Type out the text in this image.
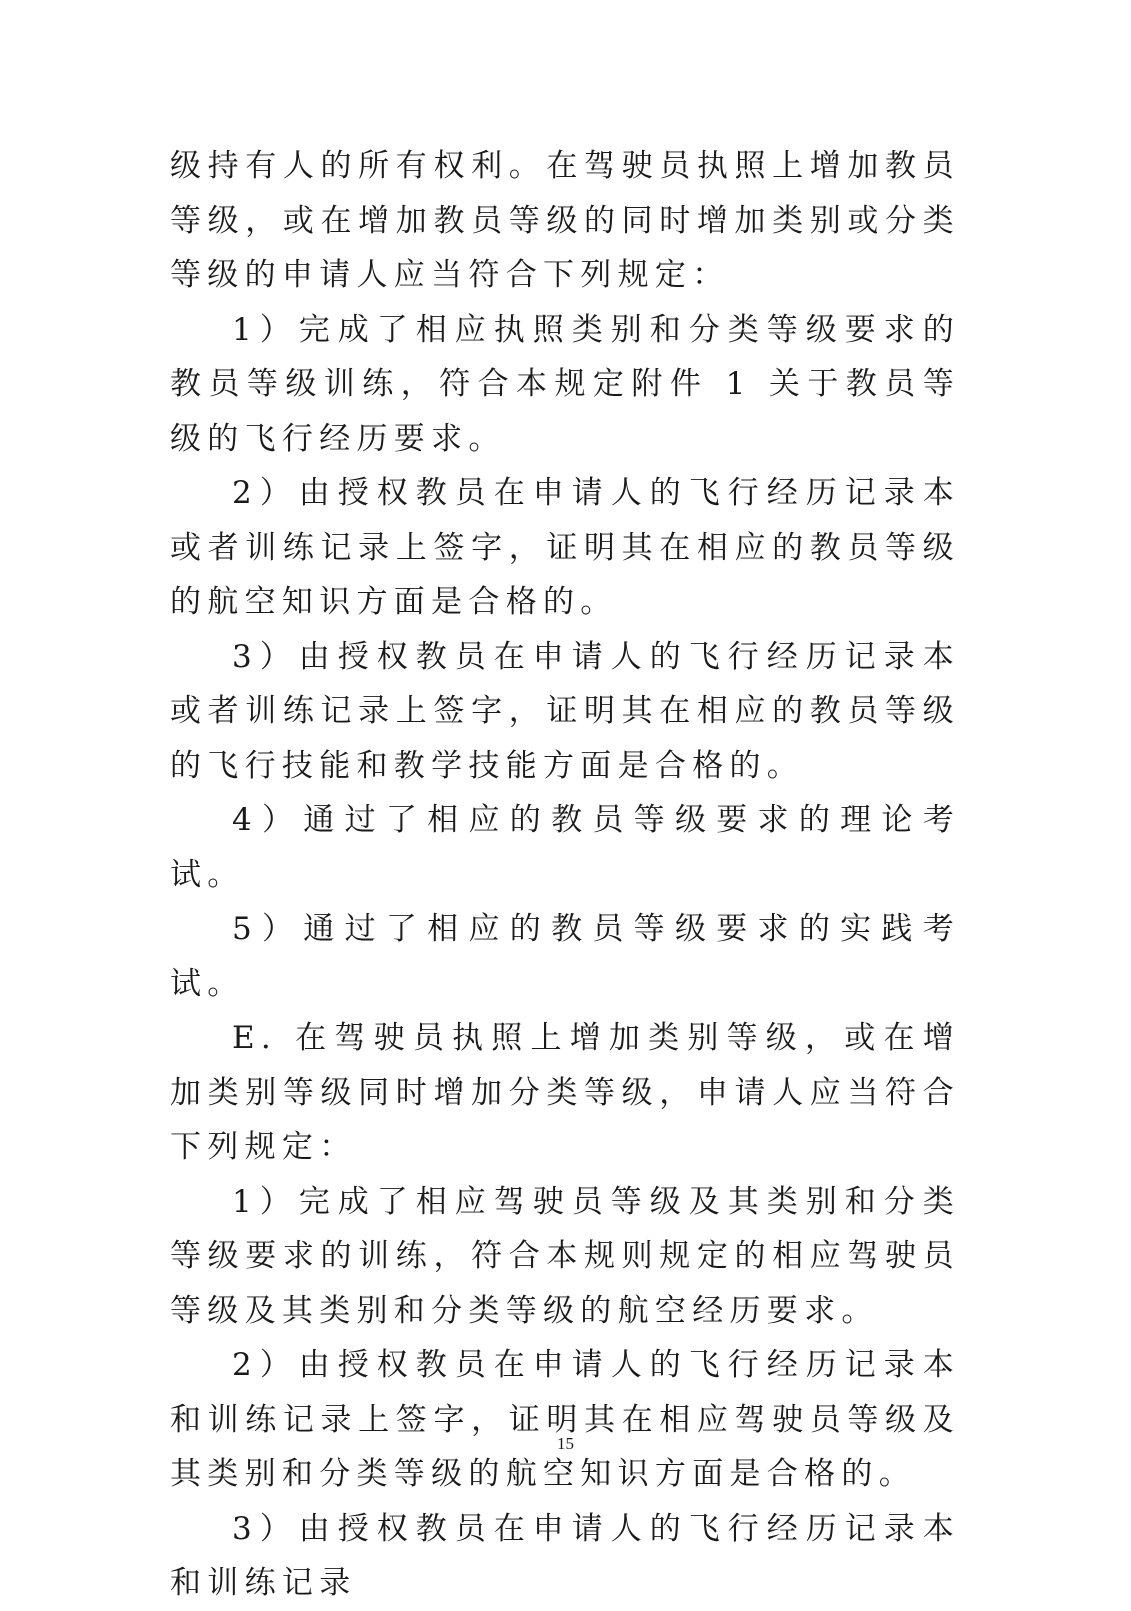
级持有人的所有权利。在驾驶员执照上增加教员等级，或在增加教员等级的同时增加类别或分类等级的申请人应当符合下列规定：

1）完成了相应执照类别和分类等级要求的教员等级训练，符合本规定附件 1 关于教员等级的飞行经历要求。

2）由授权教员在申请人的飞行经历记录本或者训练记录上签字，证明其在相应的教员等级的航空知识方面是合格的。

3）由授权教员在申请人的飞行经历记录本或者训练记录上签字，证明其在相应的教员等级的飞行技能和教学技能方面是合格的。

4）通过了相应的教员等级要求的理论考试。

5）通过了相应的教员等级要求的实践考试。

E. 在驾驶员执照上增加类别等级，或在增加类别等级同时增加分类等级，申请人应当符合下列规定：

1）完成了相应驾驶员等级及其类别和分类等级要求的训练，符合本规则规定的相应驾驶员等级及其类别和分类等级的航空经历要求。

2）由授权教员在申请人的飞行经历记录本和训练记录上签字，证明其在相应驾驶员等级及其类别和分类等级的航空知识方面是合格的。

3）由授权教员在申请人的飞行经历记录本和训练记录

15
